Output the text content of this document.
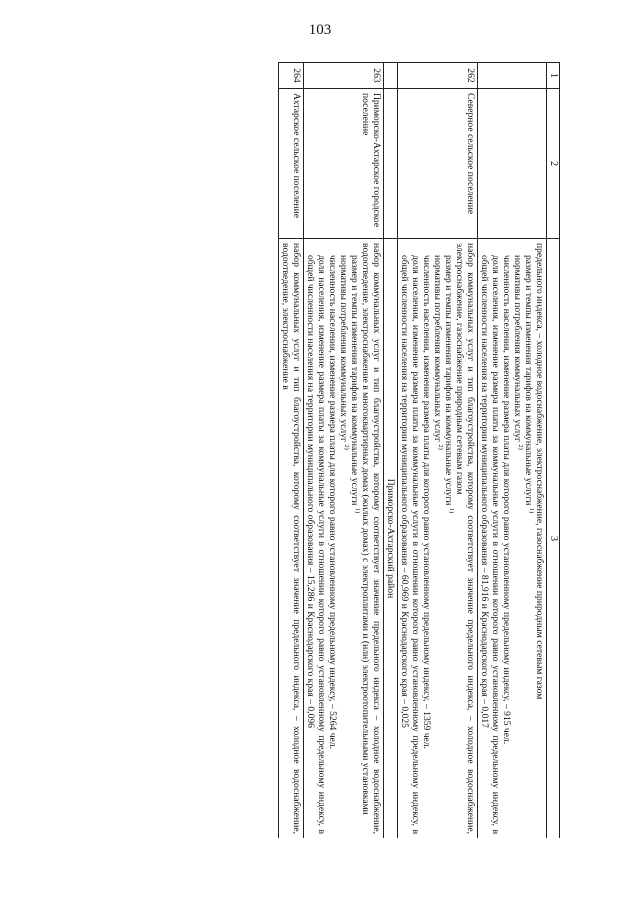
103
1	2	3

		предельного индекса, – холодное водоснабжение, электроснабжение, газоснабжение природным сетевым газом
размер и темпы изменения тарифов на коммунальные услуги $^{1)}$
нормативы потребления коммунальных услуг $^{2)}$
численность населения, изменение размера платы для которого равно установленному предельному индексу, – 915 чел.
доля населения, изменение размера платы за коммунальные услуги в отношении которого равно установленному предельному индексу, в общей численности населения на территории муниципального образования – 81,916 и Краснодарского края – 0,017

262	Северное сельское поселение	набор коммунальных услуг и тип благоустройства, которому соответствует значение предельного индекса, – холодное водоснабжение, электроснабжение, газоснабжение природным сетевым газом
размер и темпы изменения тарифов на коммунальные услуги $^{1)}$
нормативы потребления коммунальных услуг $^{2)}$
численность населения, изменение размера платы для которого равно установленному предельному индексу, – 1359 чел.
доля населения, изменение размера платы за коммунальные услуги в отношении которого равно установленному предельному индексу, в общей численности населения на территории муниципального образования – 60,969 и Краснодарского края – 0,025

		Приморско-Ахтарский район
263	Приморско-Ахтарское городское поселение	набор коммунальных услуг и тип благоустройства, которому соответствует значение предельного индекса – холодное водоснабжение, водоотведение, электроснабжение в многоквартирных домах (жилых домах) с электроплитами и (или) электроотопительными установками
размер и темпы изменения тарифов на коммунальные услуги $^{1)}$
нормативы потребления коммунальных услуг $^{2)}$
численность населения, изменение размера платы для которого равно установленному предельному индексу, – 5264 чел.
доля населения, изменение размера платы за коммунальные услуги в отношении которого равно установленному предельному индексу, в общей численности населения на территории муниципального образования – 15,286 и Краснодарского края – 0,096

264	Ахтарское сельское поселение	набор коммунальных услуг и тип благоустройства, которому соответствует значение предельного индекса, – холодное водоснабжение, водоотведение, электроснабжение в
